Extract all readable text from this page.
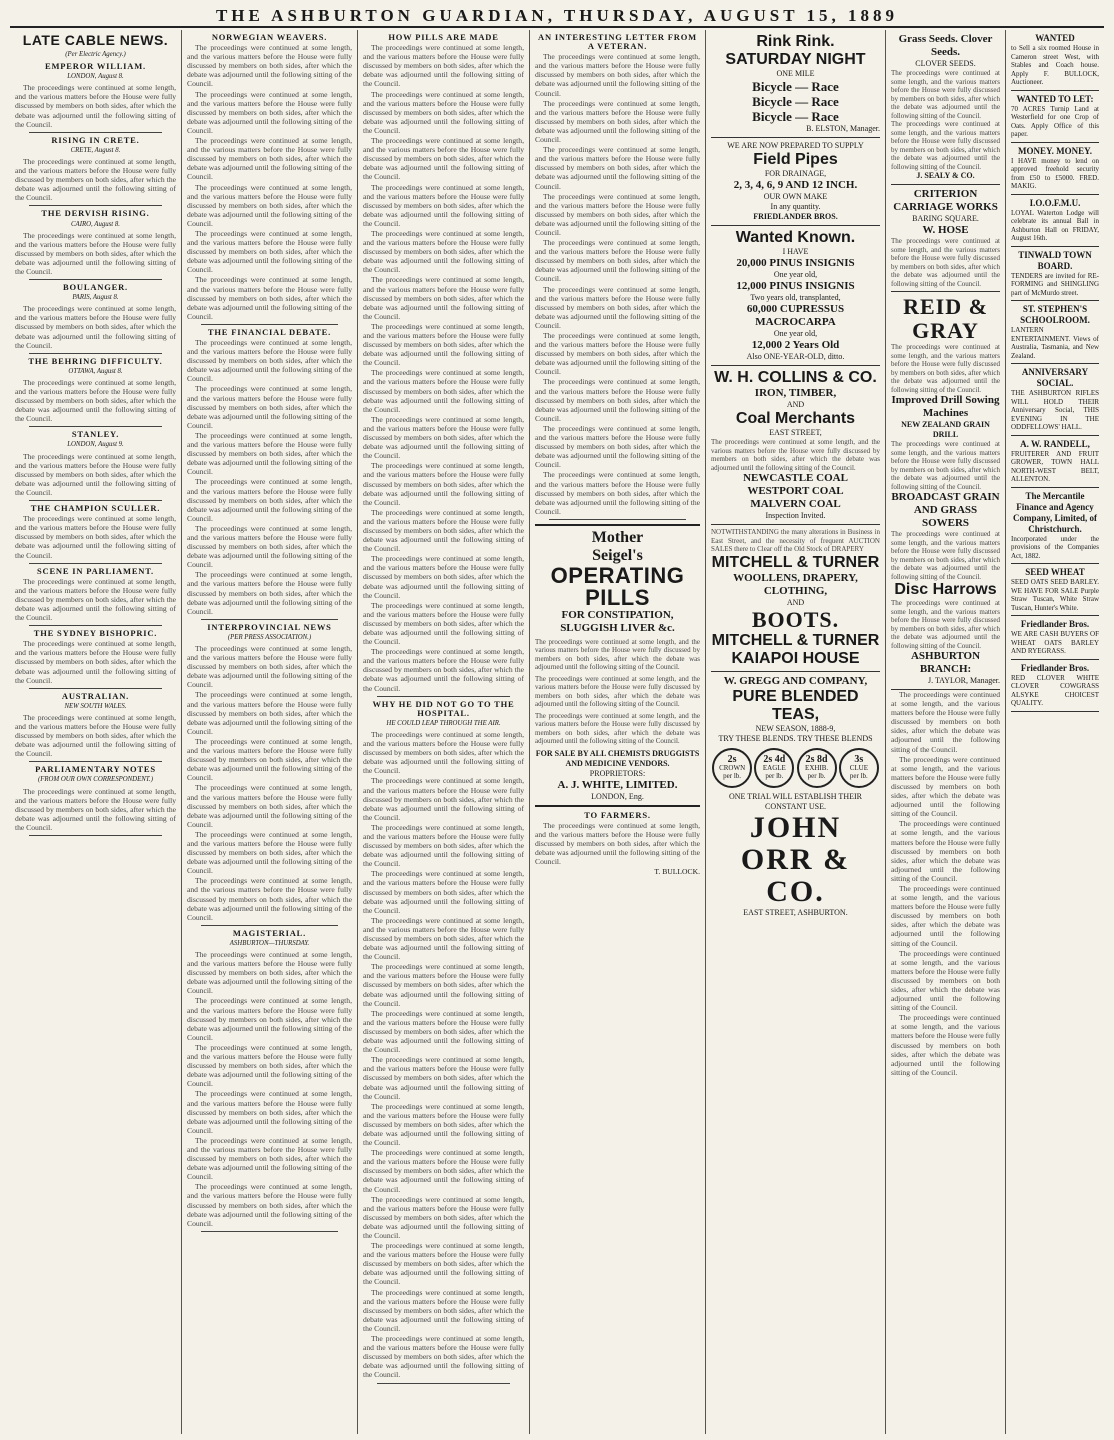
THE ASHBURTON GUARDIAN, THURSDAY, AUGUST 15, 1889
LATE CABLE NEWS.
(Per Electric Agency.)
EMPEROR WILLIAM.
LONDON, August 8.
The proceedings were continued at some length, and the various matters before the House were fully discussed by members on both sides, after which the debate was adjourned until the following sitting of the Council.
RISING IN CRETE.
CRETE, August 8.
The proceedings were continued at some length, and the various matters before the House were fully discussed by members on both sides, after which the debate was adjourned until the following sitting of the Council.
THE DERVISH RISING.
CAIRO, August 8.
The proceedings were continued at some length, and the various matters before the House were fully discussed by members on both sides, after which the debate was adjourned until the following sitting of the Council.
BOULANGER.
PARIS, August 8.
The proceedings were continued at some length, and the various matters before the House were fully discussed by members on both sides, after which the debate was adjourned until the following sitting of the Council.
THE BEHRING DIFFICULTY.
OTTAWA, August 8.
The proceedings were continued at some length, and the various matters before the House were fully discussed by members on both sides, after which the debate was adjourned until the following sitting of the Council.
STANLEY.
LONDON, August 9.
The proceedings were continued at some length, and the various matters before the House were fully discussed by members on both sides, after which the debate was adjourned until the following sitting of the Council.
THE CHAMPION SCULLER.
The proceedings were continued at some length, and the various matters before the House were fully discussed by members on both sides, after which the debate was adjourned until the following sitting of the Council.
SCENE IN PARLIAMENT.
The proceedings were continued at some length, and the various matters before the House were fully discussed by members on both sides, after which the debate was adjourned until the following sitting of the Council.
THE SYDNEY BISHOPRIC.
The proceedings were continued at some length, and the various matters before the House were fully discussed by members on both sides, after which the debate was adjourned until the following sitting of the Council.
AUSTRALIAN.
NEW SOUTH WALES.
The proceedings were continued at some length, and the various matters before the House were fully discussed by members on both sides, after which the debate was adjourned until the following sitting of the Council.
PARLIAMENTARY NOTES
(FROM OUR OWN CORRESPONDENT.)
The proceedings were continued at some length, and the various matters before the House were fully discussed by members on both sides, after which the debate was adjourned until the following sitting of the Council.
NORWEGIAN WEAVERS.
The proceedings were continued at some length, and the various matters before the House were fully discussed by members on both sides, after which the debate was adjourned until the following sitting of the Council.
The proceedings were continued at some length, and the various matters before the House were fully discussed by members on both sides, after which the debate was adjourned until the following sitting of the Council.
The proceedings were continued at some length, and the various matters before the House were fully discussed by members on both sides, after which the debate was adjourned until the following sitting of the Council.
The proceedings were continued at some length, and the various matters before the House were fully discussed by members on both sides, after which the debate was adjourned until the following sitting of the Council.
The proceedings were continued at some length, and the various matters before the House were fully discussed by members on both sides, after which the debate was adjourned until the following sitting of the Council.
The proceedings were continued at some length, and the various matters before the House were fully discussed by members on both sides, after which the debate was adjourned until the following sitting of the Council.
THE FINANCIAL DEBATE.
The proceedings were continued at some length, and the various matters before the House were fully discussed by members on both sides, after which the debate was adjourned until the following sitting of the Council.
The proceedings were continued at some length, and the various matters before the House were fully discussed by members on both sides, after which the debate was adjourned until the following sitting of the Council.
The proceedings were continued at some length, and the various matters before the House were fully discussed by members on both sides, after which the debate was adjourned until the following sitting of the Council.
The proceedings were continued at some length, and the various matters before the House were fully discussed by members on both sides, after which the debate was adjourned until the following sitting of the Council.
The proceedings were continued at some length, and the various matters before the House were fully discussed by members on both sides, after which the debate was adjourned until the following sitting of the Council.
The proceedings were continued at some length, and the various matters before the House were fully discussed by members on both sides, after which the debate was adjourned until the following sitting of the Council.
INTERPROVINCIAL NEWS
(PER PRESS ASSOCIATION.)
The proceedings were continued at some length, and the various matters before the House were fully discussed by members on both sides, after which the debate was adjourned until the following sitting of the Council.
The proceedings were continued at some length, and the various matters before the House were fully discussed by members on both sides, after which the debate was adjourned until the following sitting of the Council.
The proceedings were continued at some length, and the various matters before the House were fully discussed by members on both sides, after which the debate was adjourned until the following sitting of the Council.
The proceedings were continued at some length, and the various matters before the House were fully discussed by members on both sides, after which the debate was adjourned until the following sitting of the Council.
The proceedings were continued at some length, and the various matters before the House were fully discussed by members on both sides, after which the debate was adjourned until the following sitting of the Council.
The proceedings were continued at some length, and the various matters before the House were fully discussed by members on both sides, after which the debate was adjourned until the following sitting of the Council.
MAGISTERIAL.
ASHBURTON—THURSDAY.
The proceedings were continued at some length, and the various matters before the House were fully discussed by members on both sides, after which the debate was adjourned until the following sitting of the Council.
The proceedings were continued at some length, and the various matters before the House were fully discussed by members on both sides, after which the debate was adjourned until the following sitting of the Council.
The proceedings were continued at some length, and the various matters before the House were fully discussed by members on both sides, after which the debate was adjourned until the following sitting of the Council.
The proceedings were continued at some length, and the various matters before the House were fully discussed by members on both sides, after which the debate was adjourned until the following sitting of the Council.
The proceedings were continued at some length, and the various matters before the House were fully discussed by members on both sides, after which the debate was adjourned until the following sitting of the Council.
The proceedings were continued at some length, and the various matters before the House were fully discussed by members on both sides, after which the debate was adjourned until the following sitting of the Council.
HOW PILLS ARE MADE
The proceedings were continued at some length, and the various matters before the House were fully discussed by members on both sides, after which the debate was adjourned until the following sitting of the Council.
The proceedings were continued at some length, and the various matters before the House were fully discussed by members on both sides, after which the debate was adjourned until the following sitting of the Council.
The proceedings were continued at some length, and the various matters before the House were fully discussed by members on both sides, after which the debate was adjourned until the following sitting of the Council.
The proceedings were continued at some length, and the various matters before the House were fully discussed by members on both sides, after which the debate was adjourned until the following sitting of the Council.
The proceedings were continued at some length, and the various matters before the House were fully discussed by members on both sides, after which the debate was adjourned until the following sitting of the Council.
The proceedings were continued at some length, and the various matters before the House were fully discussed by members on both sides, after which the debate was adjourned until the following sitting of the Council.
The proceedings were continued at some length, and the various matters before the House were fully discussed by members on both sides, after which the debate was adjourned until the following sitting of the Council.
The proceedings were continued at some length, and the various matters before the House were fully discussed by members on both sides, after which the debate was adjourned until the following sitting of the Council.
The proceedings were continued at some length, and the various matters before the House were fully discussed by members on both sides, after which the debate was adjourned until the following sitting of the Council.
The proceedings were continued at some length, and the various matters before the House were fully discussed by members on both sides, after which the debate was adjourned until the following sitting of the Council.
The proceedings were continued at some length, and the various matters before the House were fully discussed by members on both sides, after which the debate was adjourned until the following sitting of the Council.
The proceedings were continued at some length, and the various matters before the House were fully discussed by members on both sides, after which the debate was adjourned until the following sitting of the Council.
The proceedings were continued at some length, and the various matters before the House were fully discussed by members on both sides, after which the debate was adjourned until the following sitting of the Council.
The proceedings were continued at some length, and the various matters before the House were fully discussed by members on both sides, after which the debate was adjourned until the following sitting of the Council.
WHY HE DID NOT GO TO THE HOSPITAL.
HE COULD LEAP THROUGH THE AIR.
The proceedings were continued at some length, and the various matters before the House were fully discussed by members on both sides, after which the debate was adjourned until the following sitting of the Council.
The proceedings were continued at some length, and the various matters before the House were fully discussed by members on both sides, after which the debate was adjourned until the following sitting of the Council.
The proceedings were continued at some length, and the various matters before the House were fully discussed by members on both sides, after which the debate was adjourned until the following sitting of the Council.
The proceedings were continued at some length, and the various matters before the House were fully discussed by members on both sides, after which the debate was adjourned until the following sitting of the Council.
The proceedings were continued at some length, and the various matters before the House were fully discussed by members on both sides, after which the debate was adjourned until the following sitting of the Council.
The proceedings were continued at some length, and the various matters before the House were fully discussed by members on both sides, after which the debate was adjourned until the following sitting of the Council.
The proceedings were continued at some length, and the various matters before the House were fully discussed by members on both sides, after which the debate was adjourned until the following sitting of the Council.
The proceedings were continued at some length, and the various matters before the House were fully discussed by members on both sides, after which the debate was adjourned until the following sitting of the Council.
The proceedings were continued at some length, and the various matters before the House were fully discussed by members on both sides, after which the debate was adjourned until the following sitting of the Council.
The proceedings were continued at some length, and the various matters before the House were fully discussed by members on both sides, after which the debate was adjourned until the following sitting of the Council.
The proceedings were continued at some length, and the various matters before the House were fully discussed by members on both sides, after which the debate was adjourned until the following sitting of the Council.
The proceedings were continued at some length, and the various matters before the House were fully discussed by members on both sides, after which the debate was adjourned until the following sitting of the Council.
The proceedings were continued at some length, and the various matters before the House were fully discussed by members on both sides, after which the debate was adjourned until the following sitting of the Council.
The proceedings were continued at some length, and the various matters before the House were fully discussed by members on both sides, after which the debate was adjourned until the following sitting of the Council.
AN INTERESTING LETTER FROM A VETERAN.
The proceedings were continued at some length, and the various matters before the House were fully discussed by members on both sides, after which the debate was adjourned until the following sitting of the Council.
The proceedings were continued at some length, and the various matters before the House were fully discussed by members on both sides, after which the debate was adjourned until the following sitting of the Council.
The proceedings were continued at some length, and the various matters before the House were fully discussed by members on both sides, after which the debate was adjourned until the following sitting of the Council.
The proceedings were continued at some length, and the various matters before the House were fully discussed by members on both sides, after which the debate was adjourned until the following sitting of the Council.
The proceedings were continued at some length, and the various matters before the House were fully discussed by members on both sides, after which the debate was adjourned until the following sitting of the Council.
The proceedings were continued at some length, and the various matters before the House were fully discussed by members on both sides, after which the debate was adjourned until the following sitting of the Council.
The proceedings were continued at some length, and the various matters before the House were fully discussed by members on both sides, after which the debate was adjourned until the following sitting of the Council.
The proceedings were continued at some length, and the various matters before the House were fully discussed by members on both sides, after which the debate was adjourned until the following sitting of the Council.
The proceedings were continued at some length, and the various matters before the House were fully discussed by members on both sides, after which the debate was adjourned until the following sitting of the Council.
The proceedings were continued at some length, and the various matters before the House were fully discussed by members on both sides, after which the debate was adjourned until the following sitting of the Council.
Mother
Seigel's
OPERATING PILLS
FOR CONSTIPATION,
SLUGGISH LIVER &c.
The proceedings were continued at some length, and the various matters before the House were fully discussed by members on both sides, after which the debate was adjourned until the following sitting of the Council.
The proceedings were continued at some length, and the various matters before the House were fully discussed by members on both sides, after which the debate was adjourned until the following sitting of the Council.
The proceedings were continued at some length, and the various matters before the House were fully discussed by members on both sides, after which the debate was adjourned until the following sitting of the Council.
FOR SALE BY ALL CHEMISTS DRUGGISTS AND MEDICINE VENDORS.
PROPRIETORS:
A. J. WHITE, LIMITED.
LONDON, Eng.
TO FARMERS.
The proceedings were continued at some length, and the various matters before the House were fully discussed by members on both sides, after which the debate was adjourned until the following sitting of the Council.
T. BULLOCK.
Rink Rink.
SATURDAY NIGHT
ONE MILE
Bicycle — Race
Bicycle — Race
Bicycle — Race
B. ELSTON, Manager.
WE ARE NOW PREPARED TO SUPPLY
Field Pipes
FOR DRAINAGE,
2, 3, 4, 6, 9 AND 12 INCH.
OUR OWN MAKE
In any quantity.
FRIEDLANDER BROS.
Wanted Known.
I HAVE
20,000 PINUS INSIGNIS
One year old,
12,000 PINUS INSIGNIS
Two years old, transplanted,
60,000 CUPRESSUS MACROCARPA
One year old,
12,000 2 Years Old
Also ONE-YEAR-OLD, ditto.
W. H. COLLINS & CO.
IRON, TIMBER,
AND
Coal Merchants
EAST STREET,
The proceedings were continued at some length, and the various matters before the House were fully discussed by members on both sides, after which the debate was adjourned until the following sitting of the Council.
NEWCASTLE COAL
WESTPORT COAL
MALVERN COAL
Inspection Invited.
NOTWITHSTANDING the many alterations in Business in East Street, and the necessity of frequent AUCTION SALES there to Clear off the Old Stock of DRAPERY
MITCHELL & TURNER
WOOLLENS, DRAPERY, CLOTHING,
AND
BOOTS.
MITCHELL & TURNER
KAIAPOI HOUSE
W. GREGG AND COMPANY,
PURE BLENDED TEAS,
NEW SEASON, 1888-9,
TRY THESE BLENDS. TRY THESE BLENDS
2s
CROWN
per lb.
2s 4d
EAGLE
per lb.
2s 8d
EXHIB.
per lb.
3s
CLUE
per lb.
ONE TRIAL WILL ESTABLISH THEIR CONSTANT USE.
JOHN ORR & CO.
EAST STREET, ASHBURTON.
Grass Seeds. Clover Seeds.
CLOVER SEEDS.
The proceedings were continued at some length, and the various matters before the House were fully discussed by members on both sides, after which the debate was adjourned until the following sitting of the Council.
The proceedings were continued at some length, and the various matters before the House were fully discussed by members on both sides, after which the debate was adjourned until the following sitting of the Council.
J. SEALY & CO.
CRITERION CARRIAGE WORKS
BARING SQUARE.
W. HOSE
The proceedings were continued at some length, and the various matters before the House were fully discussed by members on both sides, after which the debate was adjourned until the following sitting of the Council.
REID & GRAY
The proceedings were continued at some length, and the various matters before the House were fully discussed by members on both sides, after which the debate was adjourned until the following sitting of the Council.
Improved Drill Sowing Machines
NEW ZEALAND GRAIN DRILL
The proceedings were continued at some length, and the various matters before the House were fully discussed by members on both sides, after which the debate was adjourned until the following sitting of the Council.
BROADCAST GRAIN AND GRASS SOWERS
The proceedings were continued at some length, and the various matters before the House were fully discussed by members on both sides, after which the debate was adjourned until the following sitting of the Council.
Disc Harrows
The proceedings were continued at some length, and the various matters before the House were fully discussed by members on both sides, after which the debate was adjourned until the following sitting of the Council.
ASHBURTON BRANCH:
J. TAYLOR, Manager.
The proceedings were continued at some length, and the various matters before the House were fully discussed by members on both sides, after which the debate was adjourned until the following sitting of the Council.
The proceedings were continued at some length, and the various matters before the House were fully discussed by members on both sides, after which the debate was adjourned until the following sitting of the Council.
The proceedings were continued at some length, and the various matters before the House were fully discussed by members on both sides, after which the debate was adjourned until the following sitting of the Council.
The proceedings were continued at some length, and the various matters before the House were fully discussed by members on both sides, after which the debate was adjourned until the following sitting of the Council.
The proceedings were continued at some length, and the various matters before the House were fully discussed by members on both sides, after which the debate was adjourned until the following sitting of the Council.
The proceedings were continued at some length, and the various matters before the House were fully discussed by members on both sides, after which the debate was adjourned until the following sitting of the Council.
WANTED
to Sell a six roomed House in Cameron street West, with Stables and Coach house. Apply F. BULLOCK, Auctioneer.
WANTED TO LET:
70 ACRES Turnip Land at Westerfield for one Crop of Oats. Apply Office of this paper.
MONEY. MONEY.
I HAVE money to lend on approved freehold security from £50 to £5000. FRED. MAKIG.
I.O.O.F.M.U.
LOYAL Waterton Lodge will celebrate its annual Ball in Ashburton Hall on FRIDAY, August 16th.
TINWALD TOWN BOARD.
TENDERS are invited for RE-FORMING and SHINGLING part of McMurdo street.
ST. STEPHEN'S SCHOOLROOM.
LANTERN ENTERTAINMENT. Views of Australia, Tasmania, and New Zealand.
ANNIVERSARY SOCIAL.
THE ASHBURTON RIFLES WILL HOLD THEIR Anniversary Social, THIS EVENING IN THE ODDFELLOWS' HALL.
A. W. RANDELL,
FRUITERER AND FRUIT GROWER, TOWN HALL NORTH-WEST BELT, ALLENTON.
The Mercantile Finance and Agency Company, Limited, of Christchurch.
Incorporated under the provisions of the Companies Act, 1882.
SEED WHEAT
SEED OATS SEED BARLEY. WE HAVE FOR SALE Purple Straw Tuscan, White Straw Tuscan, Hunter's White.
Friedlander Bros.
WE ARE CASH BUYERS OF WHEAT OATS BARLEY AND RYEGRASS.
Friedlander Bros.
RED CLOVER WHITE CLOVER COWGRASS ALSYKE CHOICEST QUALITY.
